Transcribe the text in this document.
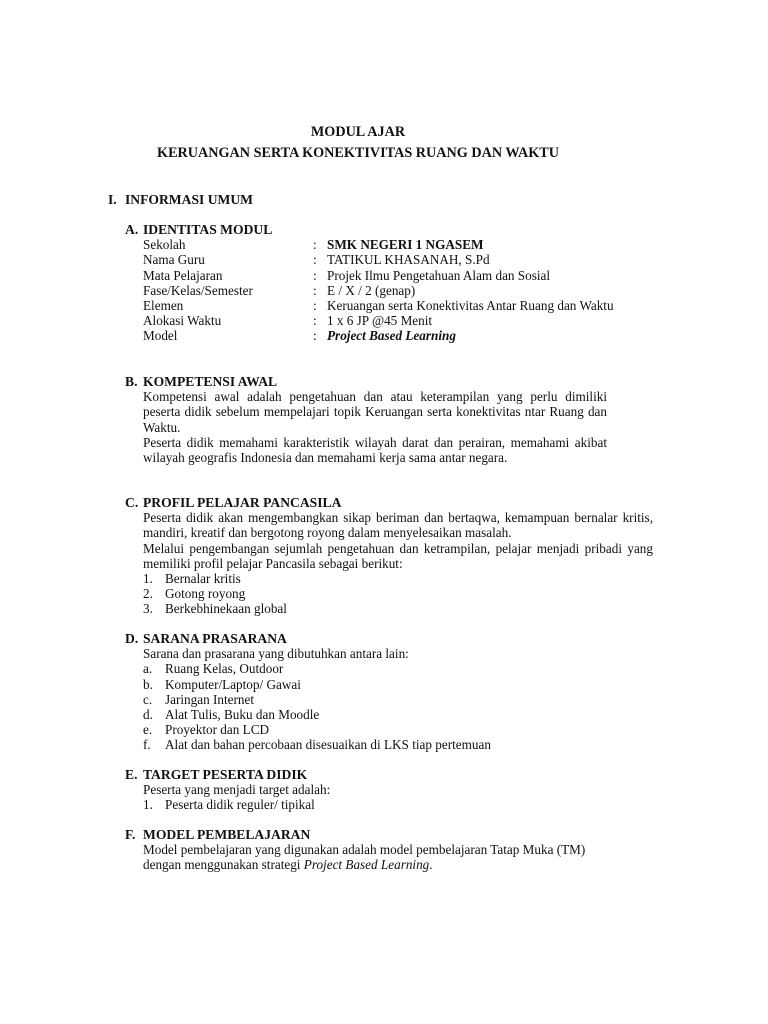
MODUL AJAR
KERUANGAN SERTA KONEKTIVITAS RUANG DAN WAKTU
I. INFORMASI UMUM
A. IDENTITAS MODUL
Sekolah	: SMK NEGERI 1 NGASEM
Nama Guru	: TATIKUL KHASANAH, S.Pd
Mata Pelajaran	: Projek Ilmu Pengetahuan Alam dan Sosial
Fase/Kelas/Semester	: E / X / 2 (genap)
Elemen	: Keruangan serta Konektivitas Antar Ruang dan Waktu
Alokasi Waktu	: 1 x 6 JP @45 Menit
Model	: Project Based Learning
B. KOMPETENSI AWAL
Kompetensi awal adalah pengetahuan dan atau keterampilan yang perlu dimiliki peserta didik sebelum mempelajari topik Keruangan serta konektivitas ntar Ruang dan Waktu.
Peserta didik memahami karakteristik wilayah darat dan perairan, memahami akibat wilayah geografis Indonesia dan memahami kerja sama antar negara.
C. PROFIL PELAJAR PANCASILA
Peserta didik akan mengembangkan sikap beriman dan bertaqwa, kemampuan bernalar kritis, mandiri, kreatif dan bergotong royong dalam menyelesaikan masalah.
Melalui pengembangan sejumlah pengetahuan dan ketrampilan, pelajar menjadi pribadi yang memiliki profil pelajar Pancasila sebagai berikut:
1. Bernalar kritis
2. Gotong royong
3. Berkebhinekaan global
D. SARANA PRASARANA
Sarana dan prasarana yang dibutuhkan antara lain:
a. Ruang Kelas, Outdoor
b. Komputer/Laptop/ Gawai
c. Jaringan Internet
d. Alat Tulis, Buku dan Moodle
e. Proyektor dan LCD
f.	Alat dan bahan percobaan disesuaikan di LKS tiap pertemuan
E. TARGET PESERTA DIDIK
Peserta yang menjadi target adalah:
1. Peserta didik reguler/ tipikal
F. MODEL PEMBELAJARAN
Model pembelajaran yang digunakan adalah model pembelajaran Tatap Muka (TM)
dengan menggunakan strategi Project Based Learning.
